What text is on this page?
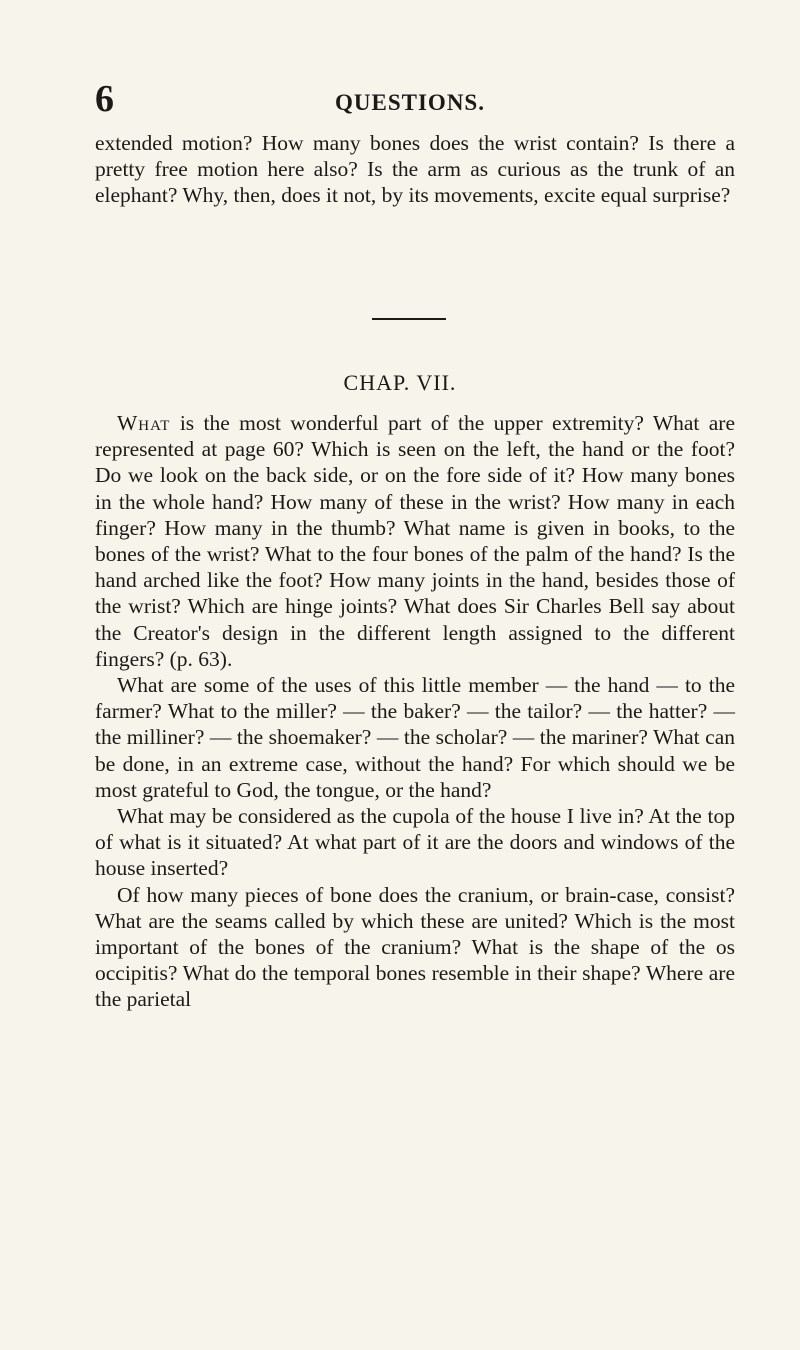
6	QUESTIONS.

extended motion? How many bones does the wrist contain? Is there a pretty free motion here also? Is the arm as curious as the trunk of an elephant? Why, then, does it not, by its movements, excite equal surprise?

CHAP. VII.

What is the most wonderful part of the upper extremity? What are represented at page 60? Which is seen on the left, the hand or the foot? Do we look on the back side, or on the fore side of it? How many bones in the whole hand? How many of these in the wrist? How many in each finger? How many in the thumb? What name is given in books, to the bones of the wrist? What to the four bones of the palm of the hand? Is the hand arched like the foot? How many joints in the hand, besides those of the wrist? Which are hinge joints? What does Sir Charles Bell say about the Creator's design in the different length assigned to the different fingers? (p. 63).

What are some of the uses of this little member — the hand — to the farmer? What to the miller? — the baker? — the tailor? — the hatter? — the milliner? — the shoemaker? — the scholar? — the mariner? What can be done, in an extreme case, without the hand? For which should we be most grateful to God, the tongue, or the hand?

What may be considered as the cupola of the house I live in? At the top of what is it situated? At what part of it are the doors and windows of the house inserted?

Of how many pieces of bone does the cranium, or brain-case, consist? What are the seams called by which these are united? Which is the most important of the bones of the cranium? What is the shape of the os occipitis? What do the temporal bones resemble in their shape? Where are the parietal
